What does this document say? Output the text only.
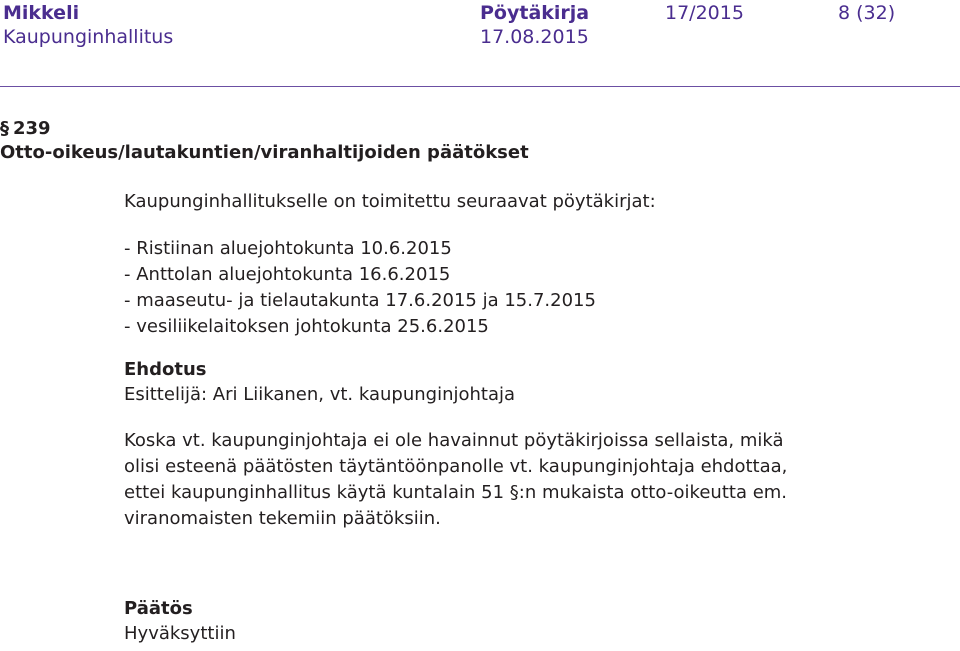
Mikkeli	Pöytäkirja	17/2015	8 (32)
Kaupunginhallitus	17.08.2015
§ 239
Otto-oikeus/lautakuntien/viranhaltijoiden päätökset
Kaupunginhallitukselle on toimitettu seuraavat pöytäkirjat:
- Ristiinan aluejohtokunta 10.6.2015
- Anttolan aluejohtokunta 16.6.2015
- maaseutu- ja tielautakunta 17.6.2015 ja 15.7.2015
- vesiliikelaitoksen johtokunta 25.6.2015
Ehdotus
Esittelijä: Ari Liikanen, vt. kaupunginjohtaja
Koska vt. kaupunginjohtaja ei ole havainnut pöytäkirjoissa sellaista, mikä
olisi esteenä päätösten täytäntöönpanolle vt. kaupunginjohtaja ehdottaa,
ettei kaupunginhallitus käytä kuntalain 51 §:n mukaista otto-oikeutta em.
viranomaisten tekemiin päätöksiin.
Päätös
Hyväksyttiin
